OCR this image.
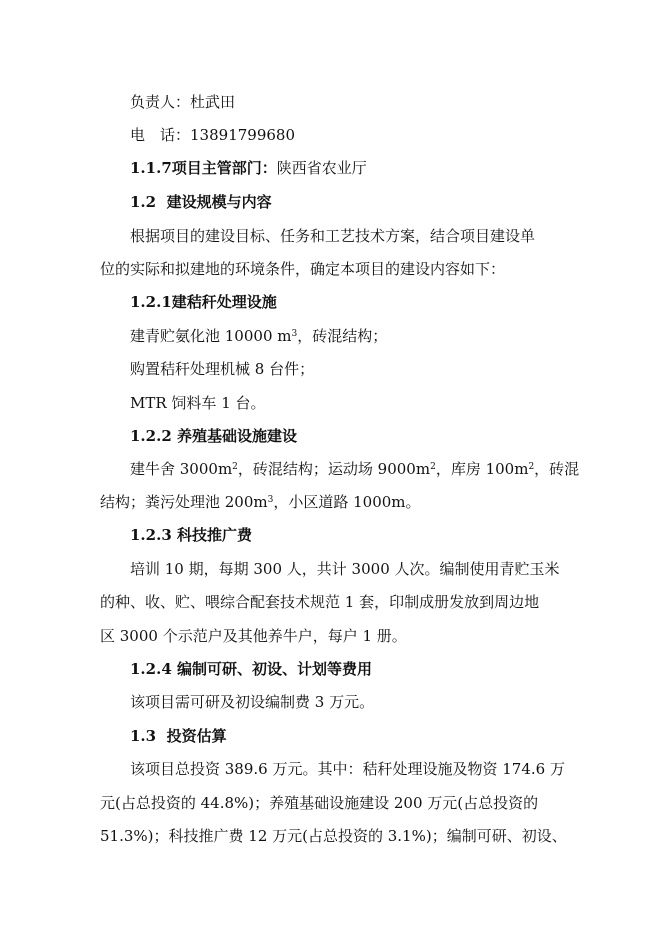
负责人：杜武田
电　话：13891799680
1.1.7项目主管部门：陕西省农业厅
1.2 建设规模与内容
根据项目的建设目标、任务和工艺技术方案，结合项目建设单
位的实际和拟建地的环境条件，确定本项目的建设内容如下：
1.2.1建秸秆处理设施
建青贮氨化池 10000 $m^3$，砖混结构；
购置秸秆处理机械 8 台件；
MTR 饲料车 1 台。
1.2.2 养殖基础设施建设
建牛舍 $3000m^2$，砖混结构；运动场 $9000m^2$，库房 $100m^2$，砖混
结构；粪污处理池 $200m^3$，小区道路 1000m。
1.2.3 科技推广费
培训 10 期，每期 300 人，共计 3000 人次。编制使用青贮玉米
的种、收、贮、喂综合配套技术规范 1 套，印制成册发放到周边地
区 3000 个示范户及其他养牛户，每户 1 册。
1.2.4 编制可研、初设、计划等费用
该项目需可研及初设编制费 3 万元。
1.3 投资估算
该项目总投资 389.6 万元。其中：秸秆处理设施及物资 174.6 万
元(占总投资的 44.8%)；养殖基础设施建设 200 万元(占总投资的
51.3%)；科技推广费 12 万元(占总投资的 3.1%)；编制可研、初设、
